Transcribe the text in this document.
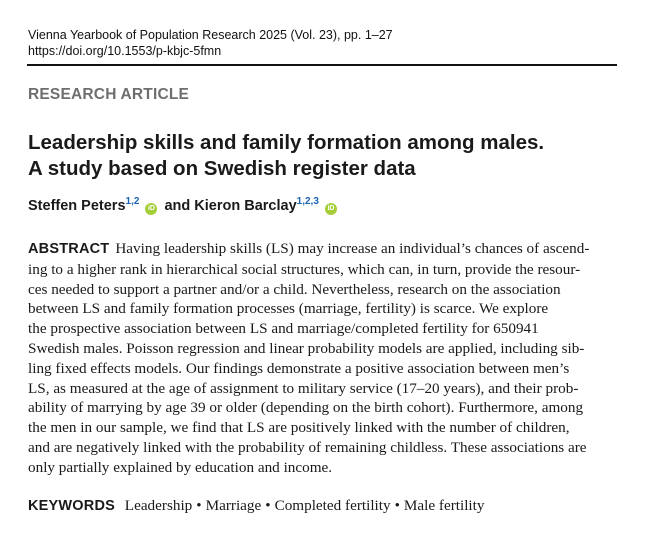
Vienna Yearbook of Population Research 2025 (Vol. 23), pp. 1–27
https://doi.org/10.1553/p-kbjc-5fmn
RESEARCH ARTICLE
Leadership skills and family formation among males.
A study based on Swedish register data
Steffen Peters$^{1,2}$ iD and Kieron Barclay$^{1,2,3}$ iD
ABSTRACT Having leadership skills (LS) may increase an individual’s chances of ascend-
ing to a higher rank in hierarchical social structures, which can, in turn, provide the resour-
ces needed to support a partner and/or a child. Nevertheless, research on the association
between LS and family formation processes (marriage, fertility) is scarce. We explore
the prospective association between LS and marriage/completed fertility for 650941
Swedish males. Poisson regression and linear probability models are applied, including sib-
ling fixed effects models. Our findings demonstrate a positive association between men’s
LS, as measured at the age of assignment to military service (17–20 years), and their prob-
ability of marrying by age 39 or older (depending on the birth cohort). Furthermore, among
the men in our sample, we find that LS are positively linked with the number of children,
and are negatively linked with the probability of remaining childless. These associations are
only partially explained by education and income.
KEYWORDS Leadership • Marriage • Completed fertility • Male fertility
